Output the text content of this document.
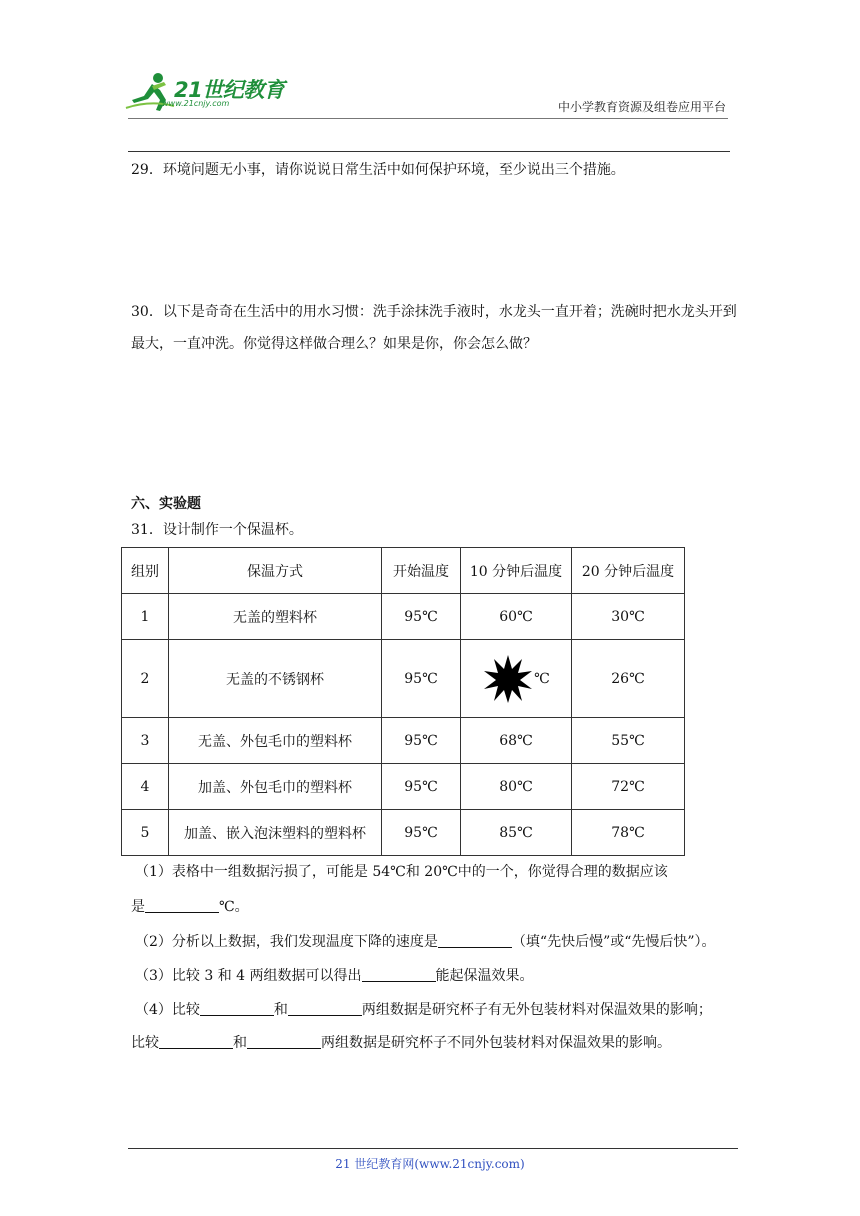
21世纪教育
www.21cnjy.com	中小学教育资源及组卷应用平台
29．环境问题无小事，请你说说日常生活中如何保护环境，至少说出三个措施。
30．以下是奇奇在生活中的用水习惯：洗手涂抹洗手液时，水龙头一直开着；洗碗时把水龙头开到最大，一直冲洗。你觉得这样做合理么？如果是你，你会怎么做？
六、实验题
31．设计制作一个保温杯。
组别	保温方式	开始温度	10 分钟后温度	20 分钟后温度
1	无盖的塑料杯	95℃	60℃	30℃
2	无盖的不锈钢杯	95℃	℃	26℃
3	无盖、外包毛巾的塑料杯	95℃	68℃	55℃
4	加盖、外包毛巾的塑料杯	95℃	80℃	72℃
5	加盖、嵌入泡沫塑料的塑料杯	95℃	85℃	78℃
（1）表格中一组数据污损了，可能是 54℃和 20℃中的一个，你觉得合理的数据应该
是	℃。
（2）分析以上数据，我们发现温度下降的速度是	（填“先快后慢”或“先慢后快”）。
（3）比较 3 和 4 两组数据可以得出	能起保温效果。
（4）比较	和	两组数据是研究杯子有无外包装材料对保温效果的影响；
比较	和	两组数据是研究杯子不同外包装材料对保温效果的影响。
21 世纪教育网(www.21cnjy.com)
